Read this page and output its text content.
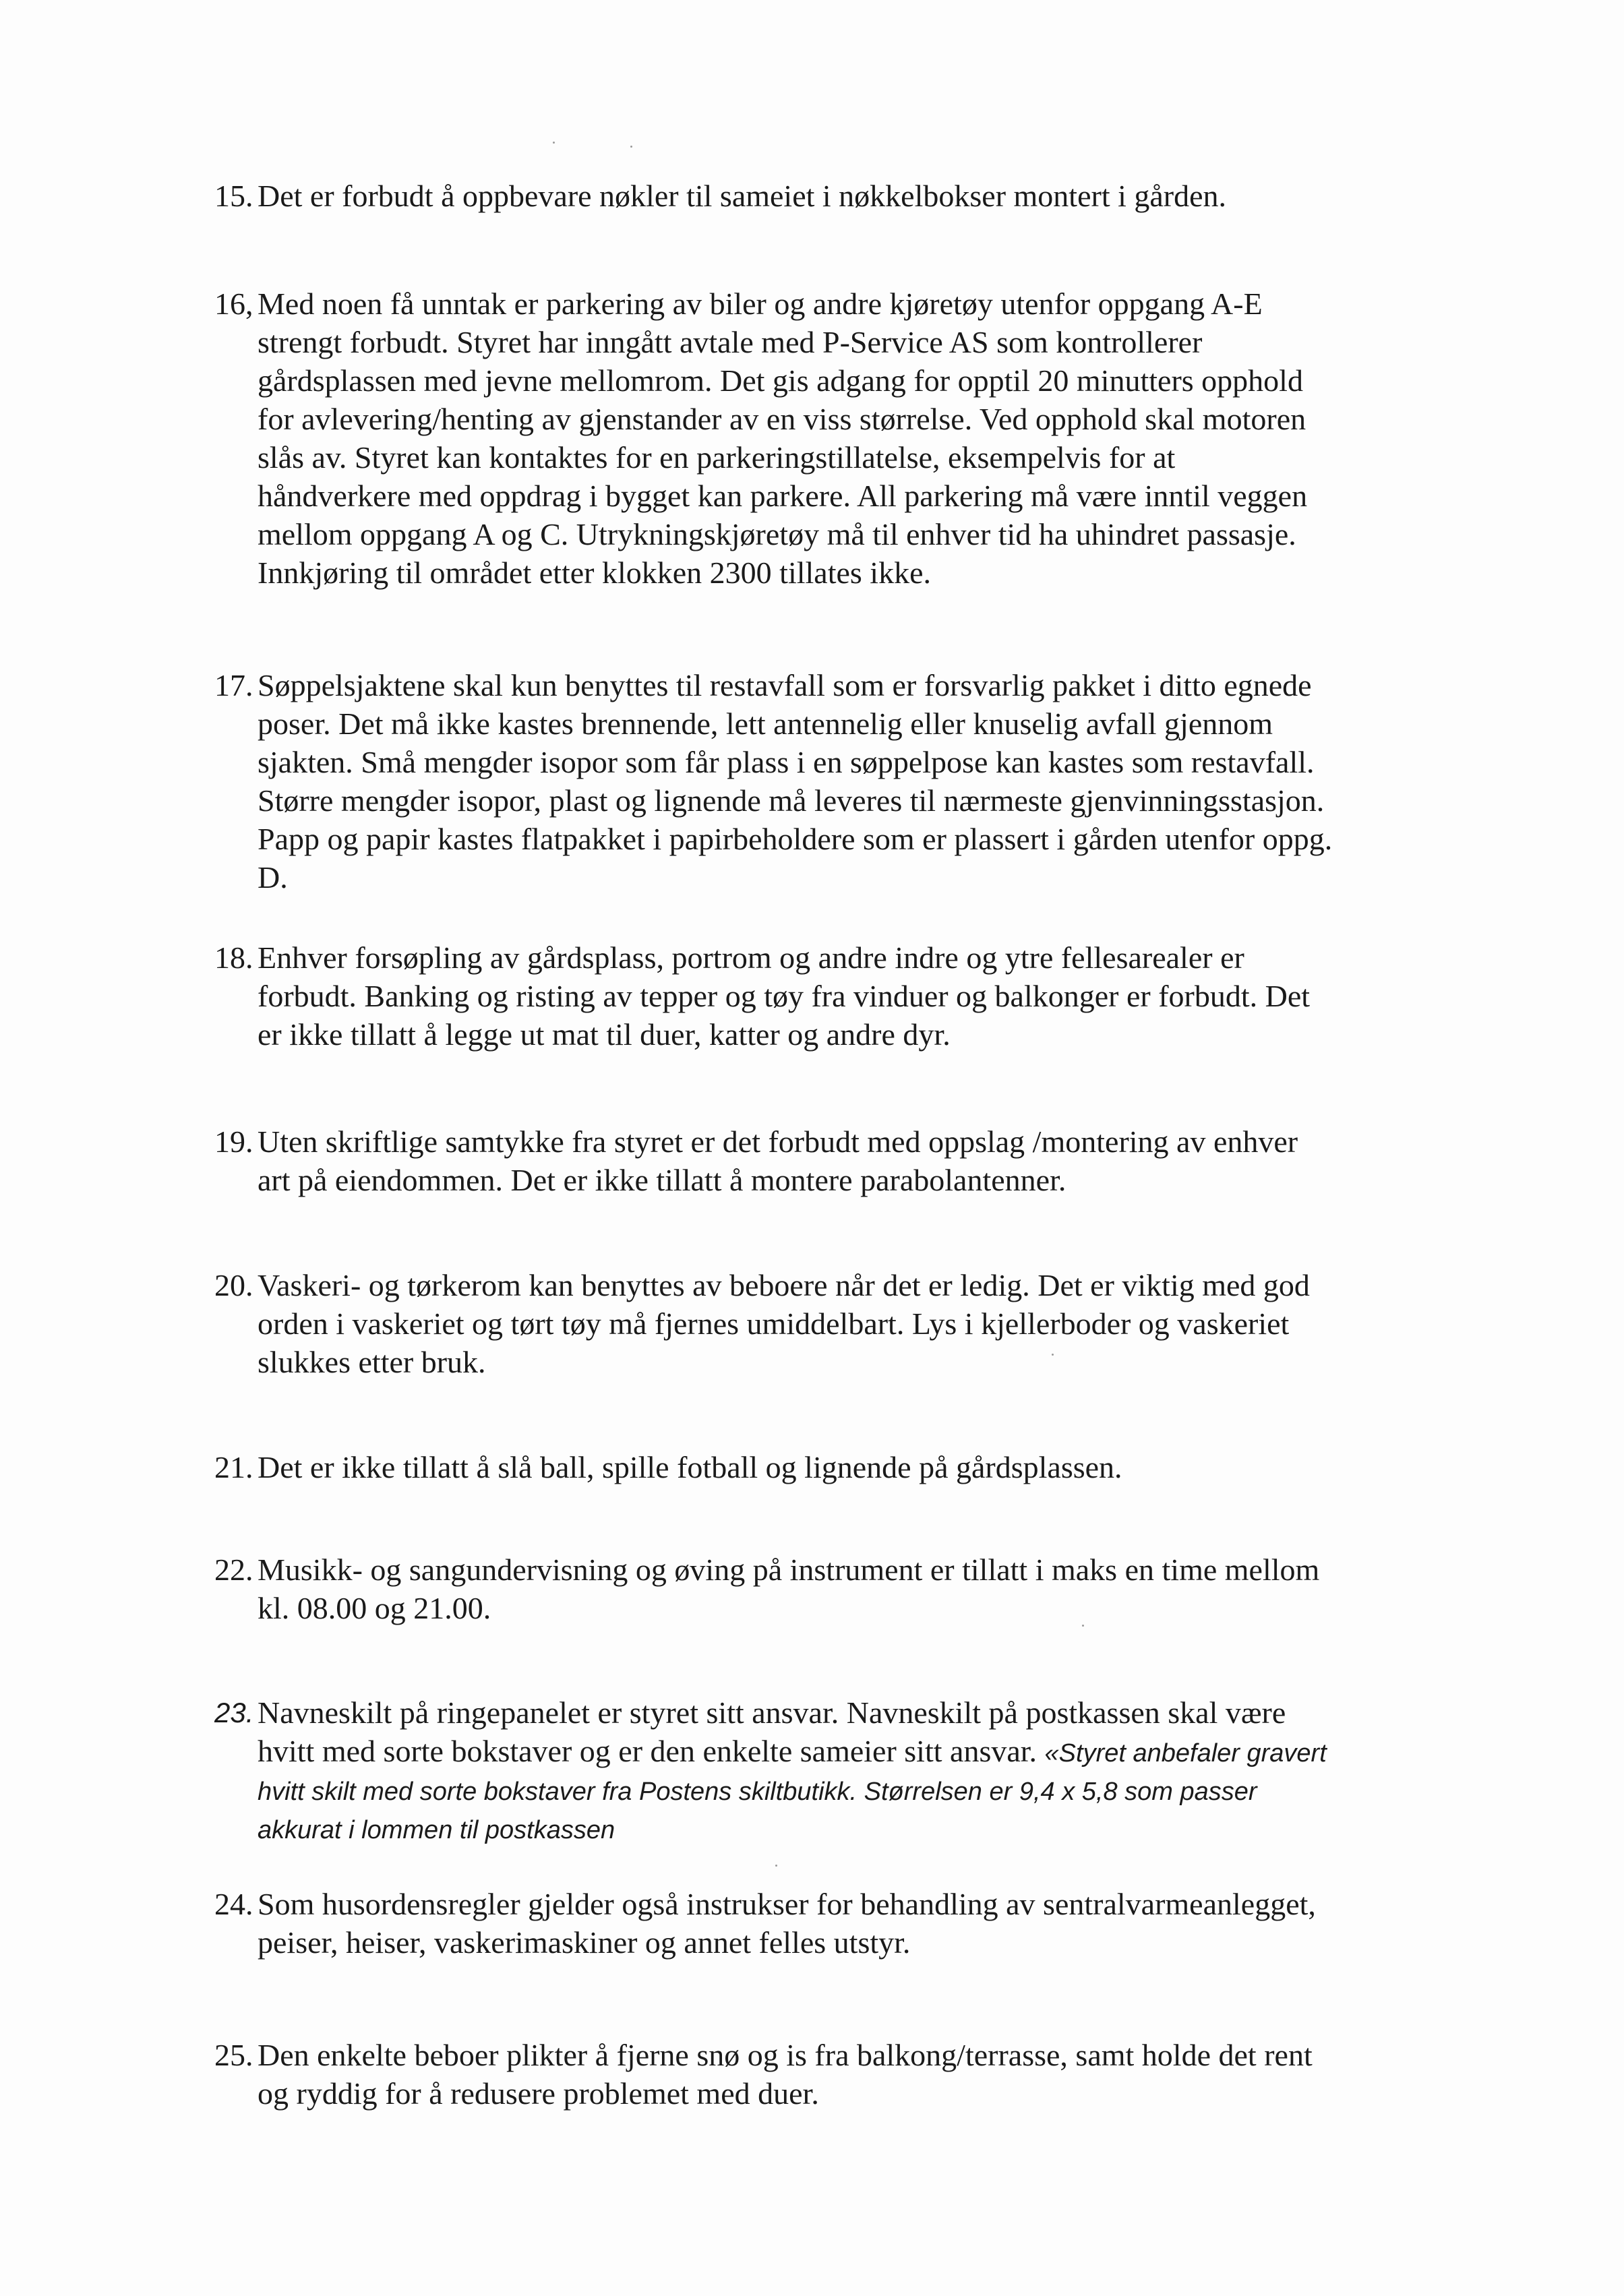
15. Det er forbudt å oppbevare nøkler til sameiet i nøkkelbokser montert i gården.

16, Med noen få unntak er parkering av biler og andre kjøretøy utenfor oppgang A-E

strengt forbudt. Styret har inngått avtale med P-Service AS som kontrollerer

gårdsplassen med jevne mellomrom. Det gis adgang for opptil 20 minutters opphold

for avlevering/henting av gjenstander av en viss størrelse. Ved opphold skal motoren

slås av. Styret kan kontaktes for en parkeringstillatelse, eksempelvis for at

håndverkere med oppdrag i bygget kan parkere. All parkering må være inntil veggen

mellom oppgang A og C. Utrykningskjøretøy må til enhver tid ha uhindret passasje.

Innkjøring til området etter klokken 2300 tillates ikke.

17. Søppelsjaktene skal kun benyttes til restavfall som er forsvarlig pakket i ditto egnede

poser. Det må ikke kastes brennende, lett antennelig eller knuselig avfall gjennom

sjakten. Små mengder isopor som får plass i en søppelpose kan kastes som restavfall.

Større mengder isopor, plast og lignende må leveres til nærmeste gjenvinningsstasjon.

Papp og papir kastes flatpakket i papirbeholdere som er plassert i gården utenfor oppg.

D.

18. Enhver forsøpling av gårdsplass, portrom og andre indre og ytre fellesarealer er

forbudt. Banking og risting av tepper og tøy fra vinduer og balkonger er forbudt. Det

er ikke tillatt å legge ut mat til duer, katter og andre dyr.

19. Uten skriftlige samtykke fra styret er det forbudt med oppslag /montering av enhver

art på eiendommen. Det er ikke tillatt å montere parabolantenner.

20. Vaskeri- og tørkerom kan benyttes av beboere når det er ledig. Det er viktig med god

orden i vaskeriet og tørt tøy må fjernes umiddelbart. Lys i kjellerboder og vaskeriet

slukkes etter bruk.

21. Det er ikke tillatt å slå ball, spille fotball og lignende på gårdsplassen.

22. Musikk- og sangundervisning og øving på instrument er tillatt i maks en time mellom

kl. 08.00 og 21.00.

23. Navneskilt på ringepanelet er styret sitt ansvar. Navneskilt på postkassen skal være

hvitt med sorte bokstaver og er den enkelte sameier sitt ansvar. «Styret anbefaler gravert

hvitt skilt med sorte bokstaver fra Postens skiltbutikk. Størrelsen er 9,4 x 5,8 som passer

akkurat i lommen til postkassen

24. Som husordensregler gjelder også instrukser for behandling av sentralvarmeanlegget,

peiser, heiser, vaskerimaskiner og annet felles utstyr.

25. Den enkelte beboer plikter å fjerne snø og is fra balkong/terrasse, samt holde det rent

og ryddig for å redusere problemet med duer.
